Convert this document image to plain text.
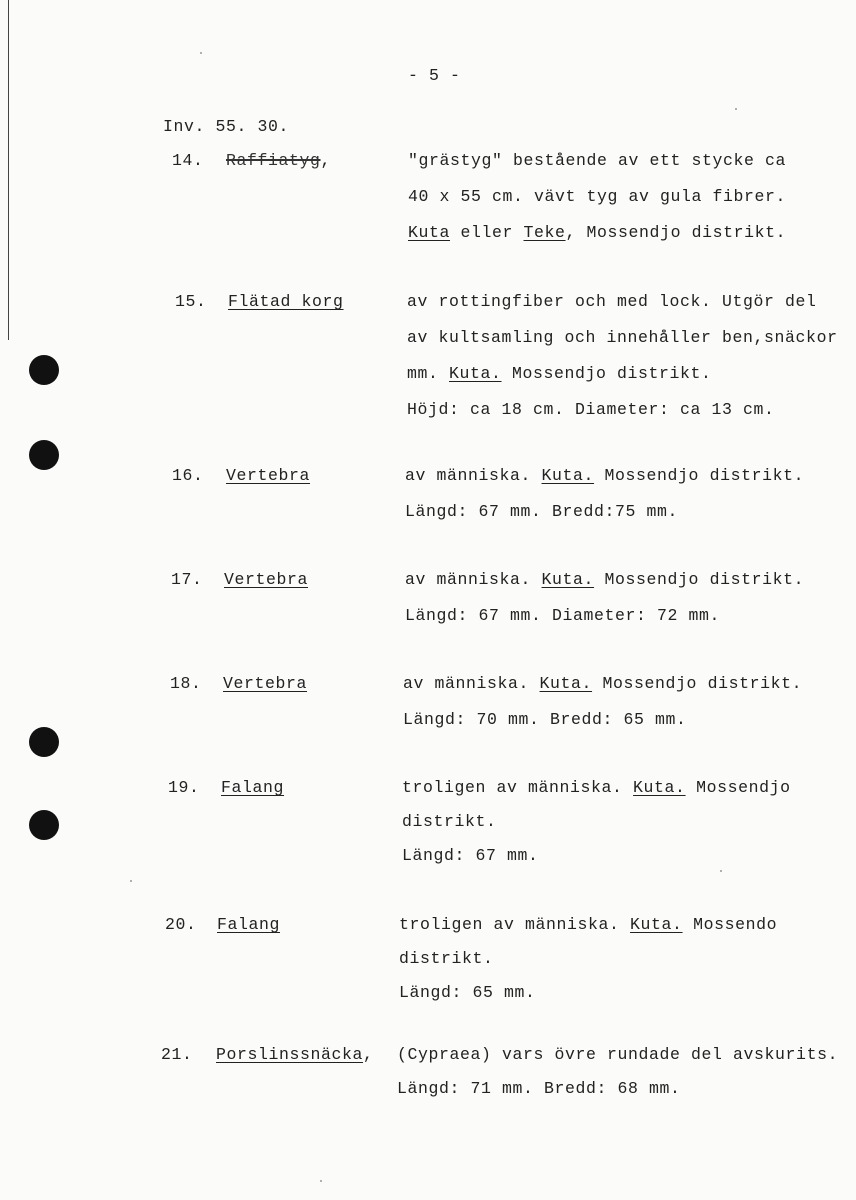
- 5 -
Inv. 55. 30.
14. Raffiatyg,	"grästyg" bestående av ett stycke ca
40 x 55 cm. vävt tyg av gula fibrer.
Kuta eller Teke, Mossendjo distrikt.
15. Flätad korg	av rottingfiber och med lock. Utgör del
av kultsamling och innehåller ben,snäckor
mm. Kuta. Mossendjo distrikt.
Höjd: ca 18 cm. Diameter: ca 13 cm.
16. Vertebra	av människa. Kuta. Mossendjo distrikt.
Längd: 67 mm. Bredd:75 mm.
17. Vertebra	av människa. Kuta. Mossendjo distrikt.
Längd: 67 mm. Diameter: 72 mm.
18. Vertebra	av människa. Kuta. Mossendjo distrikt.
Längd: 70 mm. Bredd: 65 mm.
19. Falang	troligen av människa. Kuta. Mossendjo
distrikt.
Längd: 67 mm.
20. Falang	troligen av människa. Kuta. Mossendo
distrikt.
Längd: 65 mm.
21. Porslinssnäcka, (Cypraea) vars övre rundade del avskurits.
Längd: 71 mm. Bredd: 68 mm.
